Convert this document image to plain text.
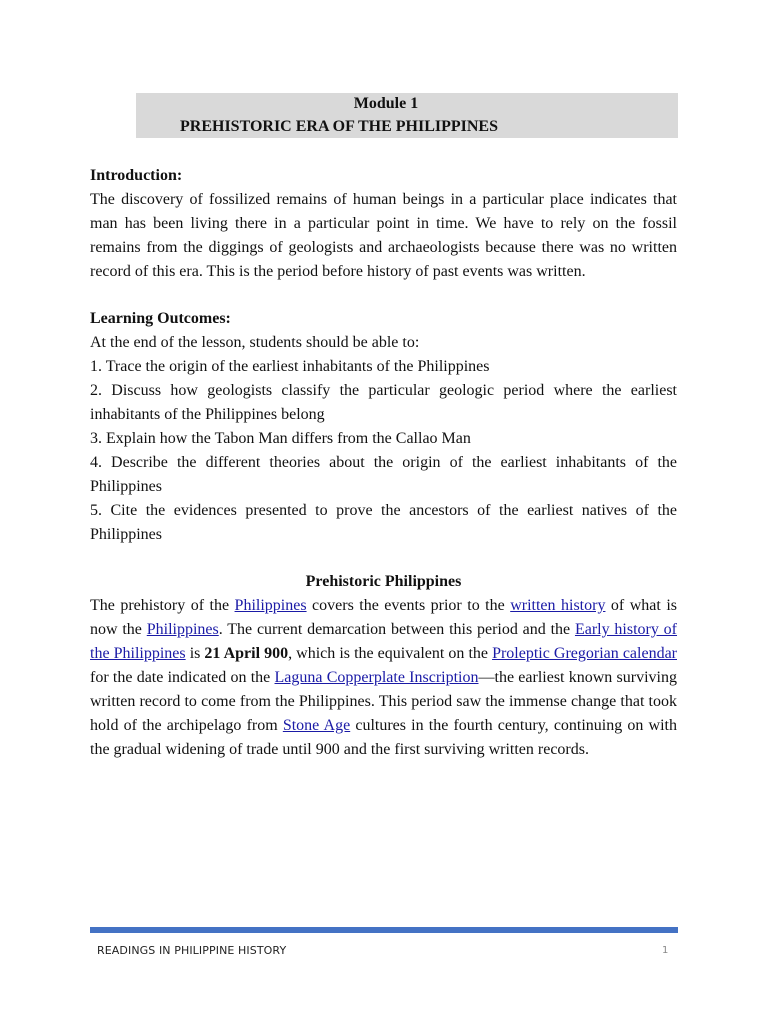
Module 1
PREHISTORIC ERA OF THE PHILIPPINES

Introduction:

The discovery of fossilized remains of human beings in a particular place indicates that man has been living there in a particular point in time. We have to rely on the fossil remains from the diggings of geologists and archaeologists because there was no written record of this era. This is the period before history of past events was written.

Learning Outcomes:

At the end of the lesson, students should be able to:

1. Trace the origin of the earliest inhabitants of the Philippines

2. Discuss how geologists classify the particular geologic period where the earliest inhabitants of the Philippines belong

3. Explain how the Tabon Man differs from the Callao Man

4. Describe the different theories about the origin of the earliest inhabitants of the Philippines

5. Cite the evidences presented to prove the ancestors of the earliest natives of the Philippines

Prehistoric Philippines

The prehistory of the Philippines covers the events prior to the written history of what is now the Philippines. The current demarcation between this period and the Early history of the Philippines is 21 April 900, which is the equivalent on the Proleptic Gregorian calendar for the date indicated on the Laguna Copperplate Inscription—the earliest known surviving written record to come from the Philippines. This period saw the immense change that took hold of the archipelago from Stone Age cultures in the fourth century, continuing on with the gradual widening of trade until 900 and the first surviving written records.

READINGS IN PHILIPPINE HISTORY	1
